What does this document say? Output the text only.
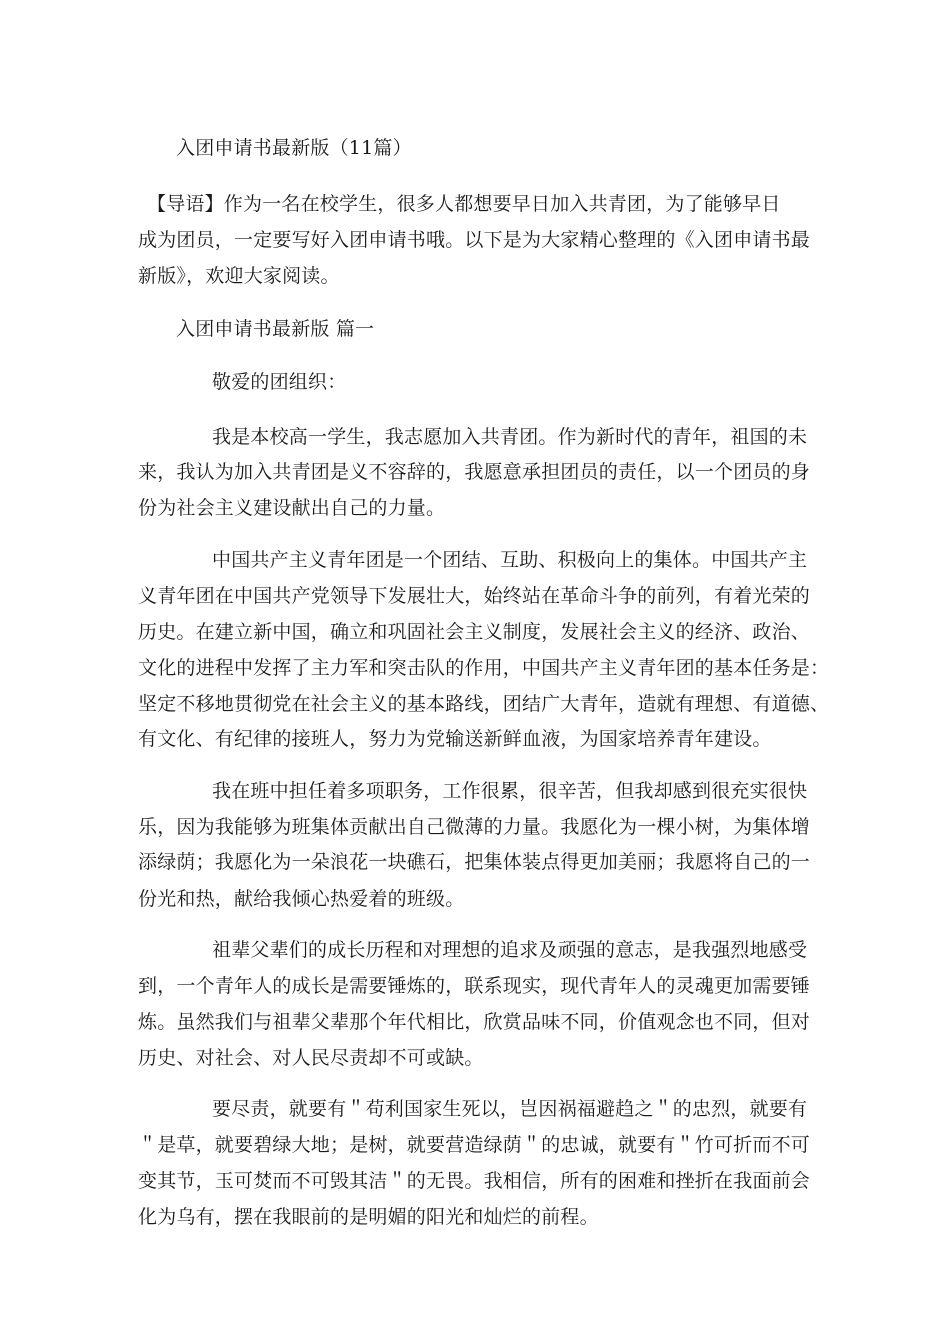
入团申请书最新版（11篇）
【导语】作为一名在校学生，很多人都想要早日加入共青团，为了能够早日
成为团员，一定要写好入团申请书哦。以下是为大家精心整理的《入团申请书最
新版》，欢迎大家阅读。
入团申请书最新版 篇一
敬爱的团组织：
我是本校高一学生，我志愿加入共青团。作为新时代的青年，祖国的未
来，我认为加入共青团是义不容辞的，我愿意承担团员的责任，以一个团员的身
份为社会主义建设献出自己的力量。
中国共产主义青年团是一个团结、互助、积极向上的集体。中国共产主
义青年团在中国共产党领导下发展壮大，始终站在革命斗争的前列，有着光荣的
历史。在建立新中国，确立和巩固社会主义制度，发展社会主义的经济、政治、
文化的进程中发挥了主力军和突击队的作用，中国共产主义青年团的基本任务是：
坚定不移地贯彻党在社会主义的基本路线，团结广大青年，造就有理想、有道德、
有文化、有纪律的接班人，努力为党输送新鲜血液，为国家培养青年建设。
我在班中担任着多项职务，工作很累，很辛苦，但我却感到很充实很快
乐，因为我能够为班集体贡献出自己微薄的力量。我愿化为一棵小树，为集体增
添绿荫；我愿化为一朵浪花一块礁石，把集体装点得更加美丽；我愿将自己的一
份光和热，献给我倾心热爱着的班级。
祖辈父辈们的成长历程和对理想的追求及顽强的意志，是我强烈地感受
到，一个青年人的成长是需要锤炼的，联系现实，现代青年人的灵魂更加需要锤
炼。虽然我们与祖辈父辈那个年代相比，欣赏品味不同，价值观念也不同，但对
历史、对社会、对人民尽责却不可或缺。
要尽责，就要有＂苟利国家生死以，岂因祸福避趋之＂的忠烈，就要有
＂是草，就要碧绿大地；是树，就要营造绿荫＂的忠诚，就要有＂竹可折而不可
变其节，玉可焚而不可毁其洁＂的无畏。我相信，所有的困难和挫折在我面前会
化为乌有，摆在我眼前的是明媚的阳光和灿烂的前程。
